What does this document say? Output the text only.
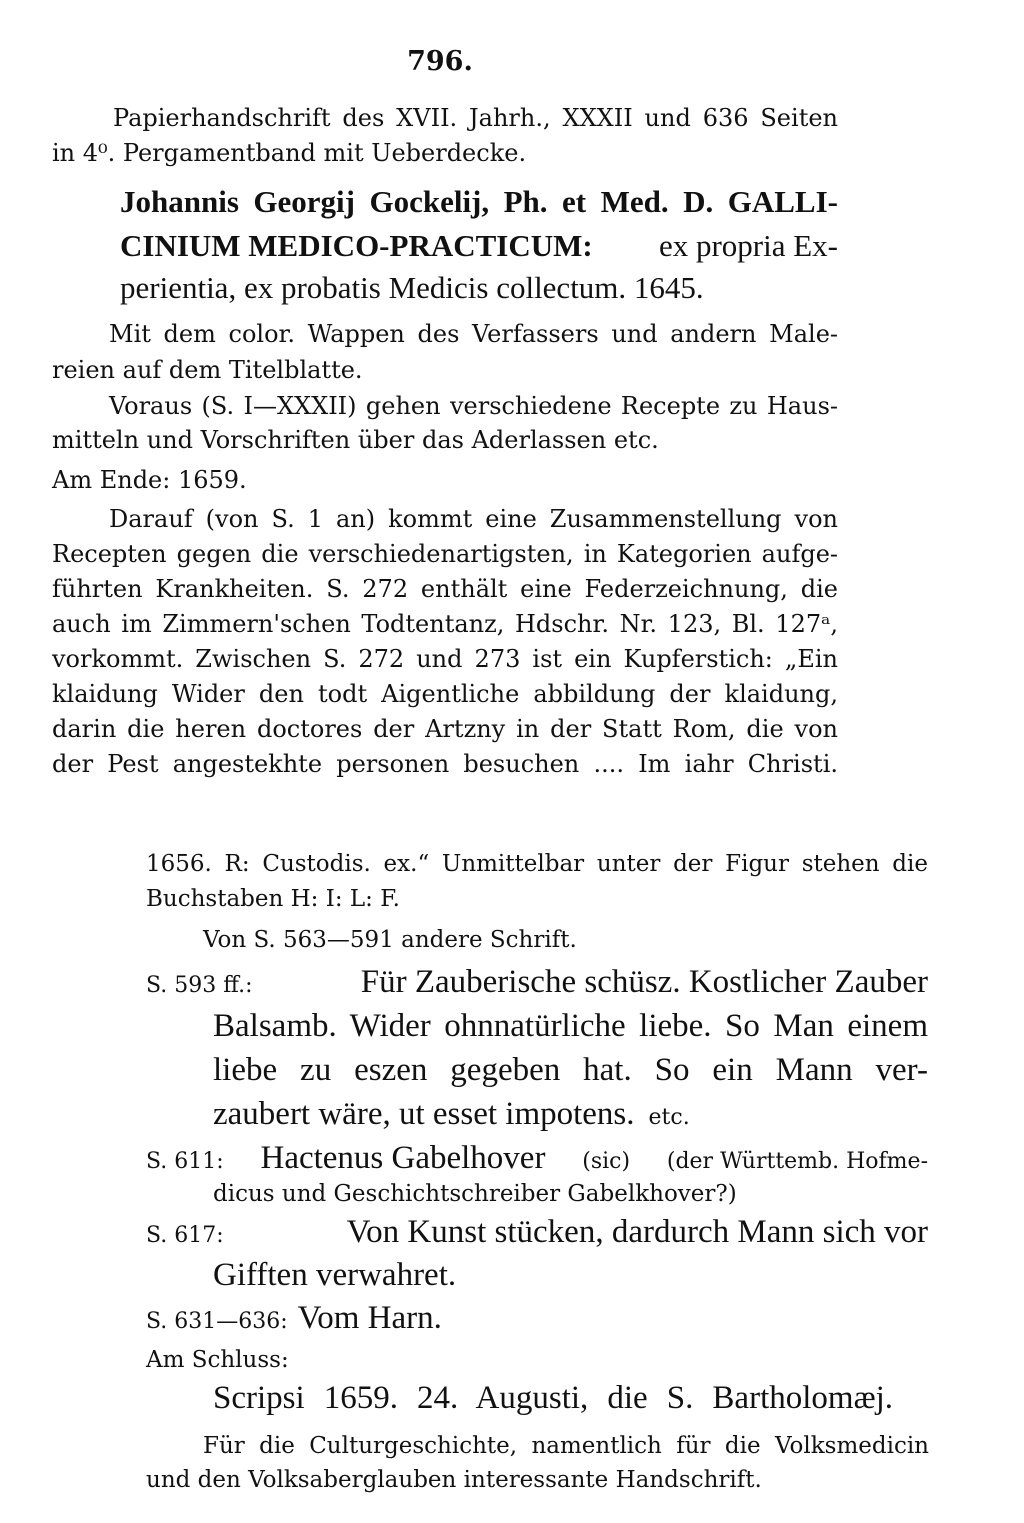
796.

Papierhandschrift des XVII. Jahrh., XXXII und 636 Seiten

in 4⁰. Pergamentband mit Ueberdecke.

Johannis Georgij Gockelij, Ph. et Med. D. GALLI-

CINIUM MEDICO-PRACTICUM: ex propria Ex-

perientia, ex probatis Medicis collectum. 1645.

Mit dem color. Wappen des Verfassers und andern Male-

reien auf dem Titelblatte.

Voraus (S. I—XXXII) gehen verschiedene Recepte zu Haus-

mitteln und Vorschriften über das Aderlassen etc.

Am Ende: 1659.

Darauf (von S. 1 an) kommt eine Zusammenstellung von

Recepten gegen die verschiedenartigsten, in Kategorien aufge-

führten Krankheiten. S. 272 enthält eine Federzeichnung, die

auch im Zimmern'schen Todtentanz, Hdschr. Nr. 123, Bl. 127ᵃ,

vorkommt. Zwischen S. 272 und 273 ist ein Kupferstich: „Ein

klaidung Wider den todt Aigentliche abbildung der klaidung,

darin die heren doctores der Artzny in der Statt Rom, die von

der Pest angestekhte personen besuchen .... Im iahr Christi.

1656. R: Custodis. ex.“ Unmittelbar unter der Figur stehen die

Buchstaben H: I: L: F.

Von S. 563—591 andere Schrift.

S. 593 ff.:	Für Zauberische schüsz. Kostlicher Zauber

Balsamb. Wider ohnnatürliche liebe. So Man einem

liebe zu eszen gegeben hat. So ein Mann ver-

zaubert wäre, ut esset impotens. etc.
S. 611: Hactenus Gabelhover (sic) (der Württemb. Hofme-

dicus und Geschichtschreiber Gabelkhover?)

S. 617:	Von Kunst stücken, dardurch Mann sich vor

Gifften verwahret.

S. 631—636: Vom Harn.

Am Schluss:

Scripsi 1659. 24. Augusti, die S. Bartholomæj.

Für die Culturgeschichte, namentlich für die Volksmedicin

und den Volksaberglauben interessante Handschrift.
